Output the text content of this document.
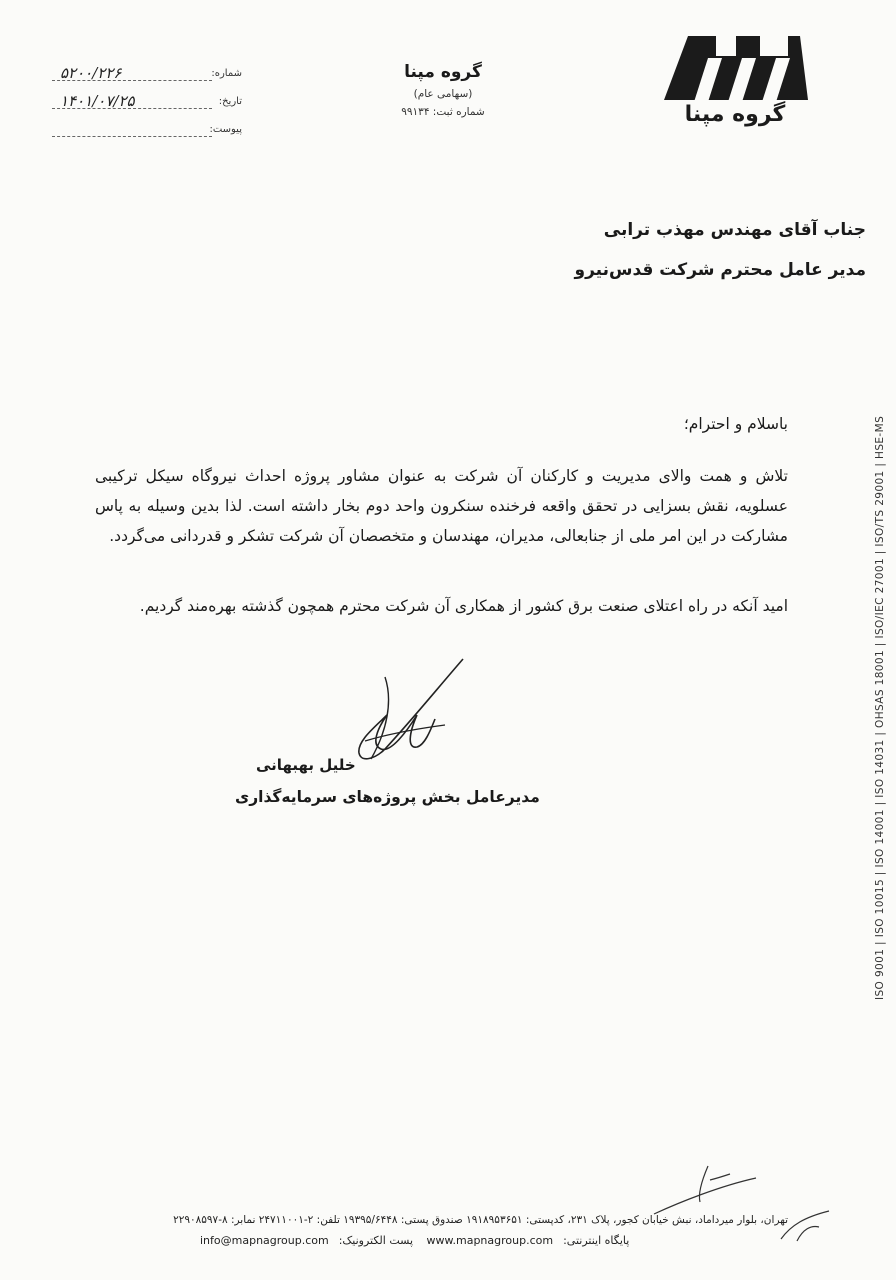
گروه مپنا
گروه مپنا
(سهامی عام)
شماره ثبت: ۹۹۱۳۴
۵۲۰۰/۲۲۶	شماره:
۱۴۰۱/۰۷/۲۵	تاریخ:
پیوست:
جناب آقای مهندس مهذب ترابی
مدیر عامل محترم شرکت قدس‌نیرو
باسلام و احترام؛
تلاش و همت والای مدیریت و کارکنان آن شرکت به عنوان مشاور پروژه احداث نیروگاه سیکل ترکیبی عسلویه، نقش بسزایی در تحقق واقعه فرخنده سنکرون واحد دوم بخار داشته است. لذا بدین وسیله به پاس مشارکت در این امر ملی از جنابعالی، مدیران، مهندسان و متخصصان آن شرکت تشکر و قدردانی می‌گردد.
امید آنکه در راه اعتلای صنعت برق کشور از همکاری آن شرکت محترم همچون گذشته بهره‌مند گردیم.
خلیل بهبهانی
مدیرعامل بخش پروژه‌های سرمایه‌گذاری	ISO 9001 | ISO 10015 | ISO 14001 | ISO 14031 | OHSAS 18001 | ISO/IEC 27001 | ISO/TS 29001 | HSE-MS
تهران، بلوار میرداماد، نبش خیابان کجور، پلاک ۲۳۱، کدپستی: ۱۹۱۸۹۵۳۶۵۱ صندوق پستی: ۱۹۳۹۵/۶۴۴۸ تلفن: ۲-۲۴۷۱۱۰۰۱ نمابر: ۸-۲۲۹۰۸۵۹۷
پایگاه اینترنتی:www.mapnagroup.com پست الکترونیک:info@mapnagroup.com
